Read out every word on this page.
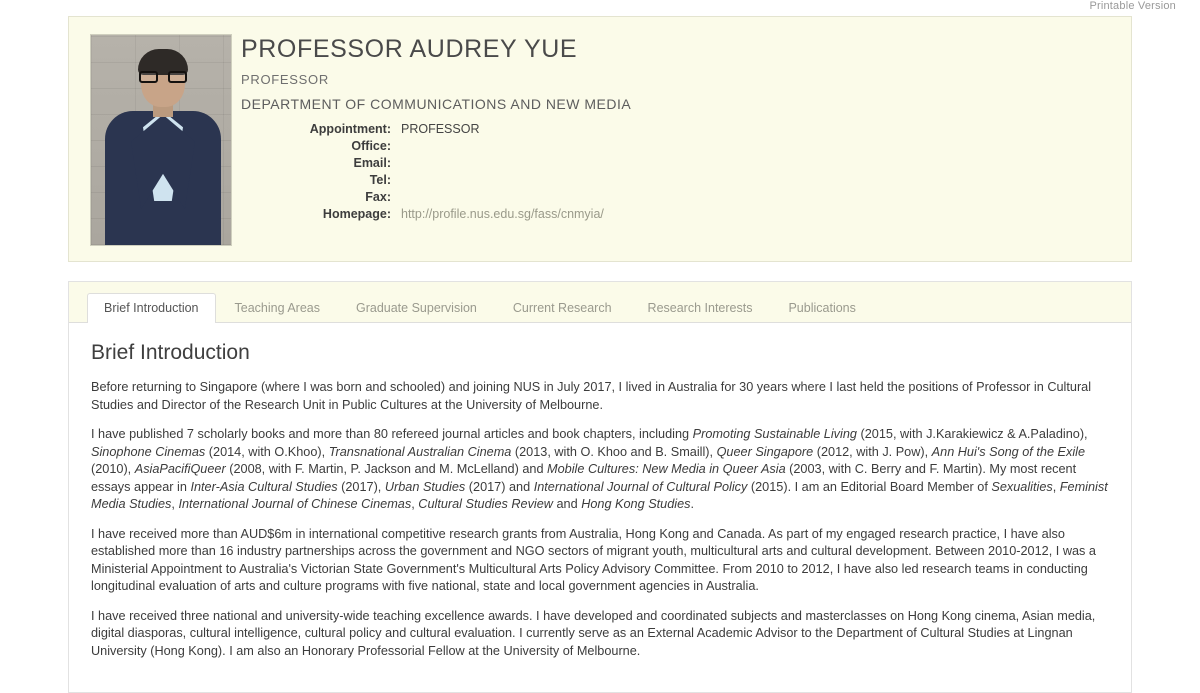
Printable Version
PROFESSOR AUDREY YUE
PROFESSOR
DEPARTMENT OF COMMUNICATIONS AND NEW MEDIA
Appointment:	PROFESSOR
Office:	
Email:	
Tel:	
Fax:	
Homepage:	http://profile.nus.edu.sg/fass/cnmyia/
Brief Introduction	Teaching Areas	Graduate Supervision	Current Research	Research Interests	Publications
Brief Introduction

Before returning to Singapore (where I was born and schooled) and joining NUS in July 2017, I lived in Australia for 30 years where I last held the positions of Professor in Cultural Studies and Director of the Research Unit in Public Cultures at the University of Melbourne.

I have published 7 scholarly books and more than 80 refereed journal articles and book chapters, including Promoting Sustainable Living (2015, with J.Karakiewicz & A.Paladino), Sinophone Cinemas (2014, with O.Khoo), Transnational Australian Cinema (2013, with O. Khoo and B. Smaill), Queer Singapore (2012, with J. Pow), Ann Hui's Song of the Exile (2010), AsiaPacifiQueer (2008, with F. Martin, P. Jackson and M. McLelland) and Mobile Cultures: New Media in Queer Asia (2003, with C. Berry and F. Martin). My most recent essays appear in Inter-Asia Cultural Studies (2017), Urban Studies (2017) and International Journal of Cultural Policy (2015). I am an Editorial Board Member of Sexualities, Feminist Media Studies, International Journal of Chinese Cinemas, Cultural Studies Review and Hong Kong Studies.

I have received more than AUD$6m in international competitive research grants from Australia, Hong Kong and Canada. As part of my engaged research practice, I have also established more than 16 industry partnerships across the government and NGO sectors of migrant youth, multicultural arts and cultural development. Between 2010-2012, I was a Ministerial Appointment to Australia's Victorian State Government's Multicultural Arts Policy Advisory Committee. From 2010 to 2012, I have also led research teams in conducting longitudinal evaluation of arts and culture programs with five national, state and local government agencies in Australia.

I have received three national and university-wide teaching excellence awards. I have developed and coordinated subjects and masterclasses on Hong Kong cinema, Asian media, digital diasporas, cultural intelligence, cultural policy and cultural evaluation. I currently serve as an External Academic Advisor to the Department of Cultural Studies at Lingnan University (Hong Kong). I am also an Honorary Professorial Fellow at the University of Melbourne.
